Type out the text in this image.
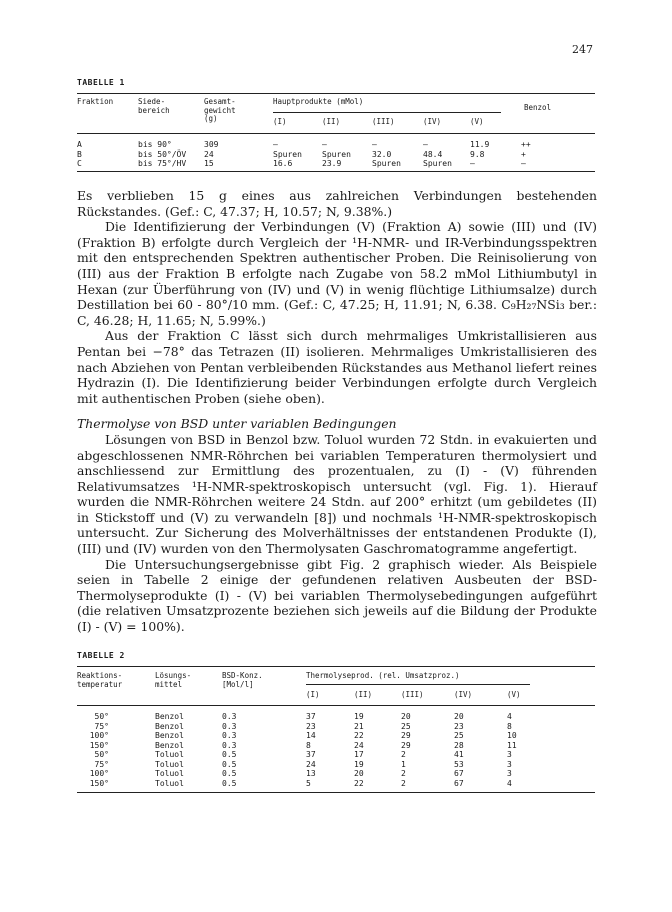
247
TABELLE 1
Fraktion	Siede-
bereich
Gesamt-
gewicht
(g)
Hauptprodukte (mMol)
Benzol
(I)	(II)	(III)	(IV)	(V)
A	bis 90°	309	—	—	—	—	11.9	++
B	bis 50°/ÖV	24	Spuren	Spuren	32.0	48.4	9.8	+
C	bis 75°/HV	15	16.6	23.9	Spuren	Spuren	—	—

Es verblieben 15 g eines aus zahlreichen Verbindungen bestehenden Rückstandes. (Gef.: C, 47.37; H, 10.57; N, 9.38%.)

Die Identifizierung der Verbindungen (V) (Fraktion A) sowie (III) und (IV) (Fraktion B) erfolgte durch Vergleich der ¹H-NMR- und IR-Verbindungsspektren mit den entsprechenden Spektren authentischer Proben. Die Reinisolierung von (III) aus der Fraktion B erfolgte nach Zugabe von 58.2 mMol Lithiumbutyl in Hexan (zur Überführung von (IV) und (V) in wenig flüchtige Lithiumsalze) durch Destillation bei 60 - 80°/10 mm. (Gef.: C, 47.25; H, 11.91; N, 6.38. C₉H₂₇NSi₃ ber.: C, 46.28; H, 11.65; N, 5.99%.)

Aus der Fraktion C lässt sich durch mehrmaliges Umkristallisieren aus Pentan bei −78° das Tetrazen (II) isolieren. Mehrmaliges Umkristallisieren des nach Abziehen von Pentan verbleibenden Rückstandes aus Methanol liefert reines Hydrazin (I). Die Identifizierung beider Verbindungen erfolgte durch Vergleich mit authentischen Proben (siehe oben).

Thermolyse von BSD unter variablen Bedingungen

Lösungen von BSD in Benzol bzw. Toluol wurden 72 Stdn. in evakuierten und abgeschlossenen NMR-Röhrchen bei variablen Temperaturen thermolysiert und anschliessend zur Ermittlung des prozentualen, zu (I) - (V) führenden Relativumsatzes ¹H-NMR-spektroskopisch untersucht (vgl. Fig. 1). Hierauf wurden die NMR-Röhrchen weitere 24 Stdn. auf 200° erhitzt (um gebildetes (II) in Stickstoff und (V) zu verwandeln [8]) und nochmals ¹H-NMR-spektroskopisch untersucht. Zur Sicherung des Molverhältnisses der entstandenen Produkte (I), (III) und (IV) wurden von den Thermolysaten Gaschromatogramme angefertigt.

Die Untersuchungsergebnisse gibt Fig. 2 graphisch wieder. Als Beispiele seien in Tabelle 2 einige der gefundenen relativen Ausbeuten der BSD-Thermolyseprodukte (I) - (V) bei variablen Thermolysebedingungen aufgeführt (die relativen Umsatzprozente beziehen sich jeweils auf die Bildung der Produkte (I) - (V) = 100%).

TABELLE 2
Reaktions-
temperatur
Lösungs-
mittel
BSD-Konz.
[Mol/l]
Thermolyseprod. (rel. Umsatzproz.)
(I)	(II)	(III)	(IV)	(V)
50°	Benzol	0.3	37	19	20	20	4
75°	Benzol	0.3	23	21	25	23	8
100°	Benzol	0.3	14	22	29	25	10
150°	Benzol	0.3	8	24	29	28	11
50°	Toluol	0.5	37	17	2	41	3
75°	Toluol	0.5	24	19	1	53	3
100°	Toluol	0.5	13	20	2	67	3
150°	Toluol	0.5	5	22	2	67	4
